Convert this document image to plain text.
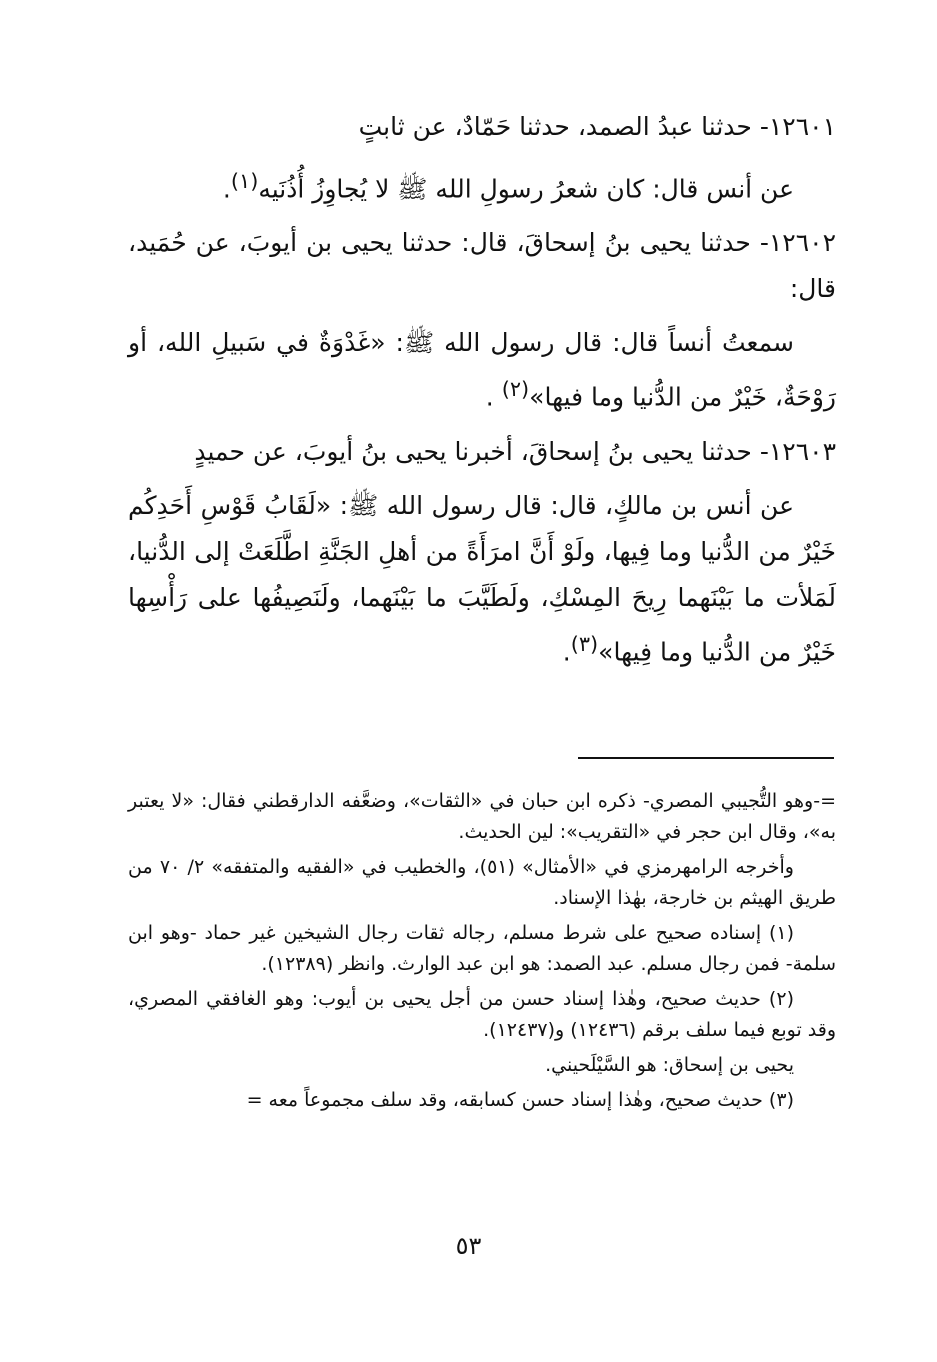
١٢٦٠١- حدثنا عبدُ الصمد، حدثنا حَمّادٌ، عن ثابتٍ

عن أنس قال: كان شعرُ رسولِ الله ﷺ لا يُجاوِزُ أُذُنَيه$^{(١)}$.

١٢٦٠٢- حدثنا يحيى بنُ إسحاقَ، قال: حدثنا يحيى بن أيوبَ، عن حُمَيد، قال:

سمعتُ أنساً قال: قال رسول الله ﷺ: «غَدْوَةٌ في سَبيلِ الله، أو رَوْحَةٌ، خَيْرٌ من الدُّنيا وما فيها»$^{(٢)}$ .

١٢٦٠٣- حدثنا يحيى بنُ إسحاقَ، أخبرنا يحيى بنُ أيوبَ، عن حميدٍ

عن أنس بن مالكٍ، قال: قال رسول الله ﷺ: «لَقَابُ قَوْسِ أَحَدِكُم خَيْرٌ من الدُّنيا وما فِيها، ولَوْ أَنَّ امرَأَةً من أهلِ الجَنَّةِ اطَّلَعَتْ إلى الدُّنيا، لَمَلأت ما بَيْنَهما رِيحَ المِسْكِ، ولَطَيَّبَ ما بَيْنَهما، ولَنَصِيفُها على رَأْسِها خَيْرٌ من الدُّنيا وما فِيها»$^{(٣)}$.

=-وهو التُّجيبي المصري- ذكره ابن حبان في «الثقات»، وضعَّفه الدارقطني فقال: «لا يعتبر به»، وقال ابن حجر في «التقريب»: لين الحديث.

وأخرجه الرامهرمزي في «الأمثال» (٥١)، والخطيب في «الفقيه والمتفقه» ٢/ ٧٠ من طريق الهيثم بن خارجة، بهٰذا الإسناد.

(١) إسناده صحيح على شرط مسلم، رجاله ثقات رجال الشيخين غير حماد -وهو ابن سلمة- فمن رجال مسلم. عبد الصمد: هو ابن عبد الوارث. وانظر (١٢٣٨٩).

(٢) حديث صحيح، وهٰذا إسناد حسن من أجل يحيى بن أيوب: وهو الغافقي المصري، وقد توبع فيما سلف برقم (١٢٤٣٦) و(١٢٤٣٧).

يحيى بن إسحاق: هو السَّيْلَحيني.

(٣) حديث صحيح، وهٰذا إسناد حسن كسابقه، وقد سلف مجموعاً معه =

٥٣
